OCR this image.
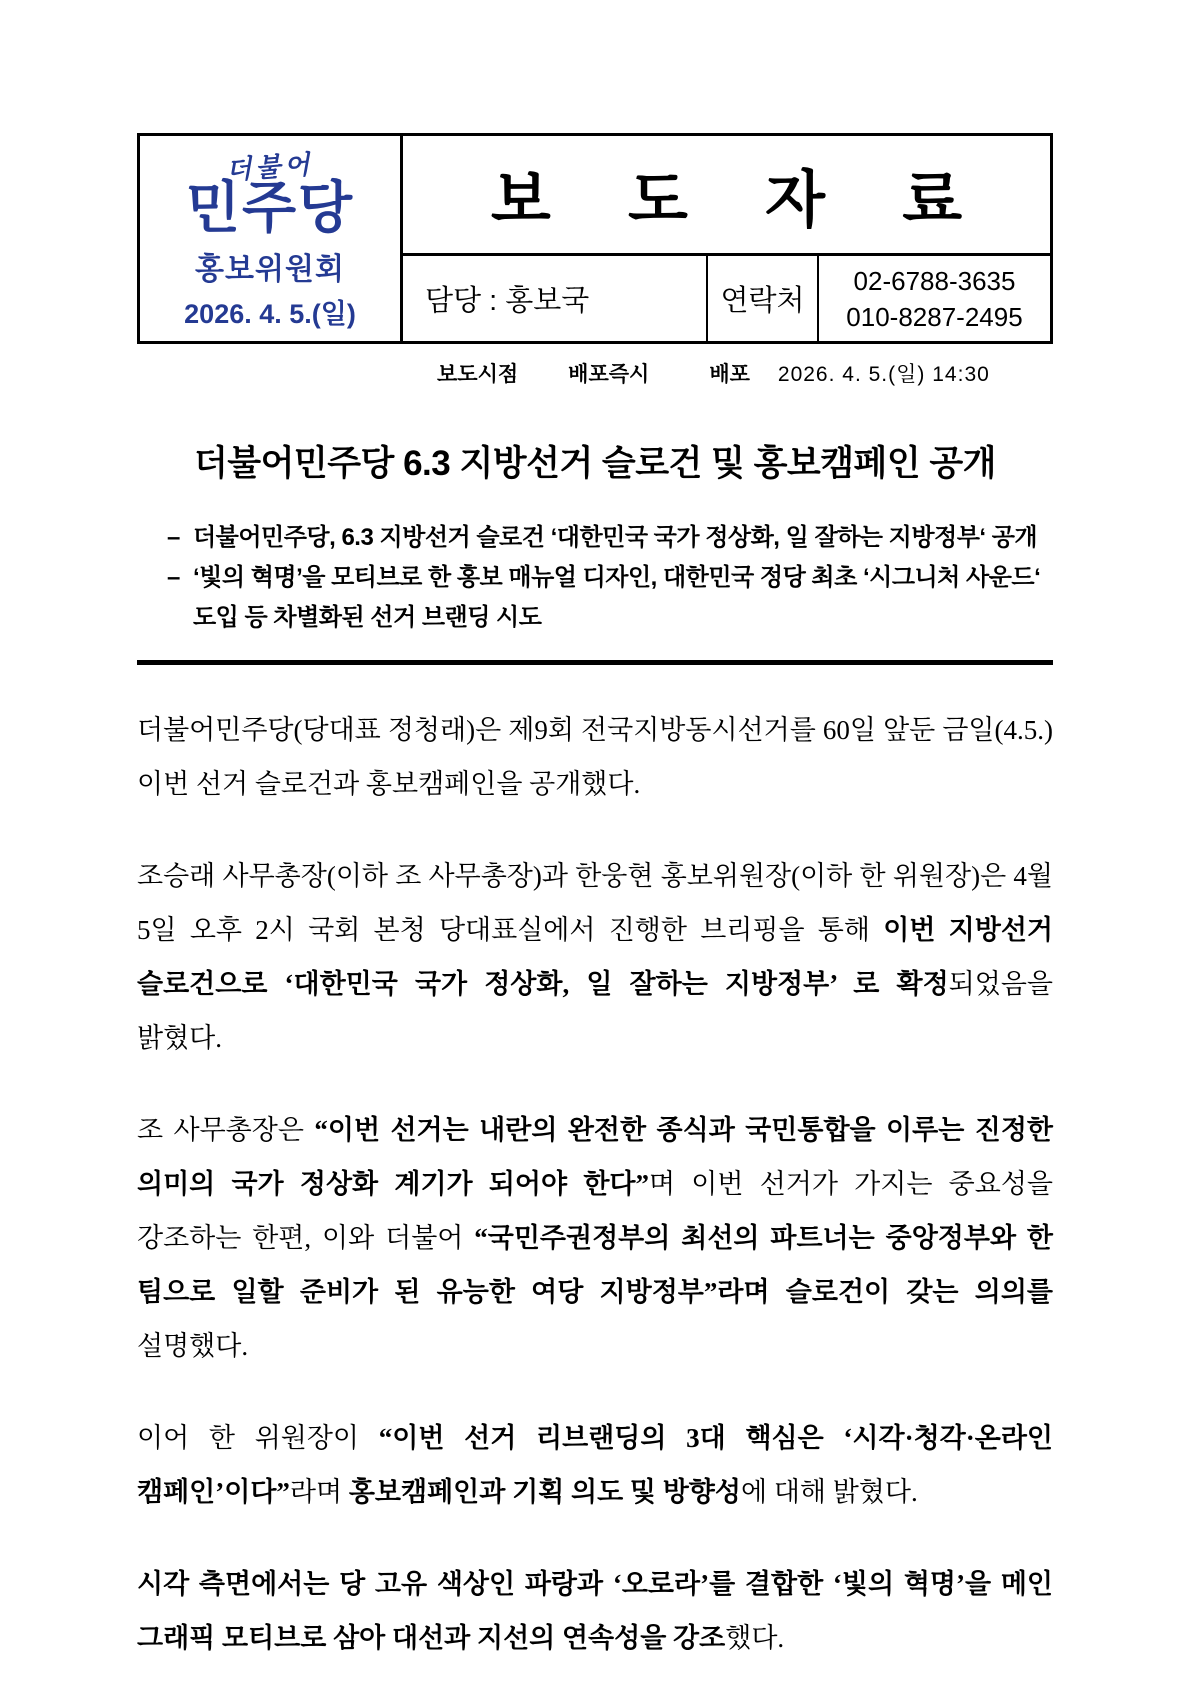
더불어
민주당
홍보위원회
2026. 4. 5.(일)
보 도 자 료
담당 : 홍보국	연락처
02-6788-3635
010-8287-2495
보도시점 배포즉시	배포 2026. 4. 5.(일) 14:30
더불어민주당 6.3 지방선거 슬로건 및 홍보캠페인 공개
– 더불어민주당, 6.3 지방선거 슬로건 ‘대한민국 국가 정상화, 일 잘하는 지방정부‘ 공개
– ‘빛의 혁명’을 모티브로 한 홍보 매뉴얼 디자인, 대한민국 정당 최초 ‘시그니처 사운드‘ 도입 등 차별화된 선거 브랜딩 시도

더불어민주당(당대표 정청래)은 제9회 전국지방동시선거를 60일 앞둔 금일(4.5.) 이번 선거 슬로건과 홍보캠페인을 공개했다.

조승래 사무총장(이하 조 사무총장)과 한웅현 홍보위원장(이하 한 위원장)은 4월 5일 오후 2시 국회 본청 당대표실에서 진행한 브리핑을 통해 이번 지방선거 슬로건으로 ‘대한민국 국가 정상화, 일 잘하는 지방정부’ 로 확정되었음을 밝혔다.

조 사무총장은 “이번 선거는 내란의 완전한 종식과 국민통합을 이루는 진정한 의미의 국가 정상화 계기가 되어야 한다”며 이번 선거가 가지는 중요성을 강조하는 한편, 이와 더불어 “국민주권정부의 최선의 파트너는 중앙정부와 한 팀으로 일할 준비가 된 유능한 여당 지방정부”라며 슬로건이 갖는 의의를 설명했다.

이어 한 위원장이 “이번 선거 리브랜딩의 3대 핵심은 ‘시각·청각·온라인 캠페인’이다”라며 홍보캠페인과 기획 의도 및 방향성에 대해 밝혔다.

시각 측면에서는 당 고유 색상인 파랑과 ‘오로라’를 결합한 ‘빛의 혁명’을 메인 그래픽 모티브로 삼아 대선과 지선의 연속성을 강조했다.
